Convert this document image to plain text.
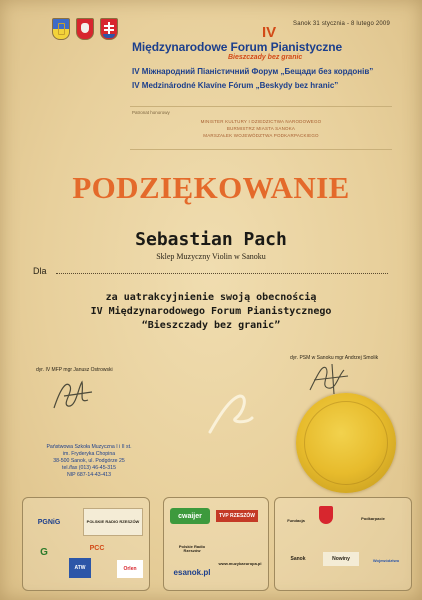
Sanok 31 stycznia - 8 lutego 2009
IV
Międzynarodowe Forum Pianistyczne
Bieszczady bez granic
IV Міжнародний Піаністичний Форум „Бещади без кордонів”
IV Medzinárodné Klavíne Fórum „Beskydy bez hranic”
Patronat honorowy
MINISTER KULTURY I DZIEDZICTWA NARODOWEGO
BURMISTRZ MIASTA SANOKA
MARSZAŁEK WOJEWÓDZTWA PODKARPACKIEGO
PODZIĘKOWANIE
Sebastian Pach
Sklep Muzyczny Violin w Sanoku
Dla
za uatrakcyjnienie swoją obecnością
IV Międzynarodowego Forum Pianistycznego
“Bieszczady bez granic”
dyr. IV MFP mgr Janusz Ostrowski
dyr. PSM w Sanoku mgr Andrzej Smolik
Państwowa Szkoła Muzyczna I i II st.
im. Fryderyka Chopina
38-500 Sanok, ul. Podgórze 25
tel./fax (013) 46-45-315
NIP 687-14-43-413
PGNiG	POLSKIE RADIO RZESZÓW
G
ATW
PCC
Orlen
cwaijer	TVP RZESZÓW
Polskie Radio Rzeszów
www.muzykaeuropa.pl
esanok.pl
Fundacja	Podkarpacie
Sanok	Nowiny	Województwo
